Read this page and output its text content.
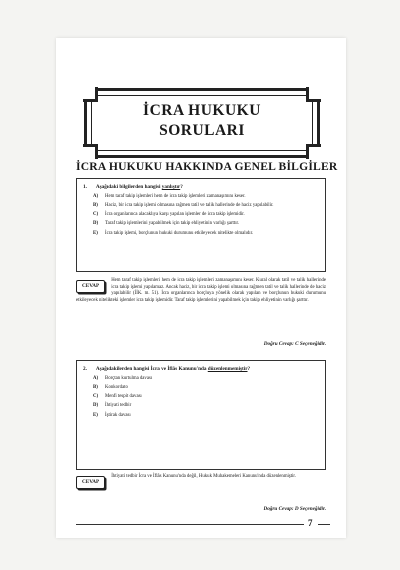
İCRA HUKUKU
SORULARI
İCRA HUKUKU HAKKINDA GENEL BİLGİLER
1. Aşağıdaki bilgilerden hangisi yanlıştır?
A)	Hem taraf takip işlemleri hem de icra takip işlemleri zamanaşımını keser.
B)	Haciz, bir icra takip işlemi olmasına rağmen tatil ve talik hallerinde de haciz yapılabilir.
C)	İcra organlarınca alacaklıya karşı yapılan işlemler de icra takip işlemidir.
D)	Taraf takip işlemlerini yapabilmek için takip ehliyetinin varlığı şarttır.
E)	İcra takip işlemi, borçlunun hukuki durumunu etkileyecek nitelikte olmalıdır.
CEVAP
Hem taraf takip işlemleri hem de icra takip işlemleri zamanaşımını keser. Kural olarak tatil ve talik hallerinde icra takip işlemi yapılamaz. Ancak haciz, bir icra takip işlemi olmasına rağmen tatil ve talik hallerinde de haciz yapılabilir (İİK. m. 51). İcra organlarınca borçluya yönelik olarak yapılan ve borçlunun hukuki durumunu etkileyecek nitelikteki işlemler icra takip işlemidir. Taraf takip işlemlerini yapabilmek için takip ehliyetinin varlığı şarttır.
Doğru Cevap: C Seçeneğidir.
2. Aşağıdakilerden hangisi İcra ve İflâs Kanunu'nda düzenlenmemiştir?
A)	Borçtan kurtulma davası
B)	Konkordato
C)	Menfi tespit davası
D)	İhtiyati tedbir
E)	İştirak davası
CEVAP
İhtiyati tedbir İcra ve İflâs Kanunu'nda değil, Hukuk Muhakemeleri Kanunu'nda düzenlenmiştir.
Doğru Cevap: D Seçeneğidir.
7
